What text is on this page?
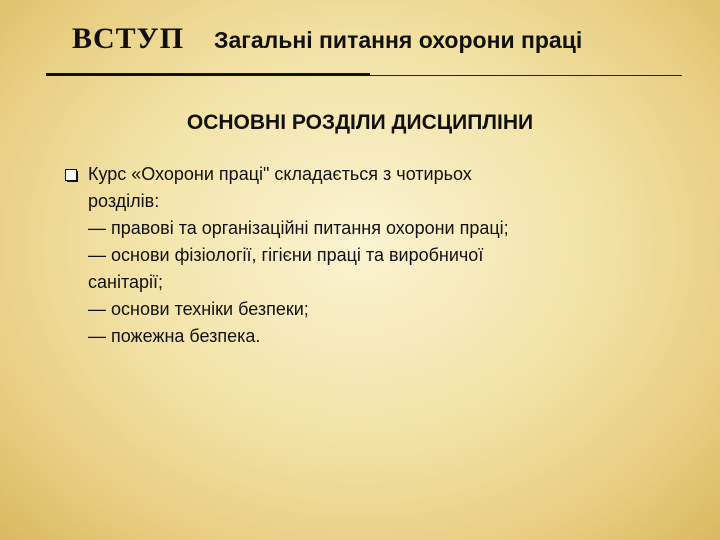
ВСТУП Загальні питання охорони праці
ОСНОВНІ РОЗДІЛИ ДИСЦИПЛІНИ
Курс «Охорони праці" складається з чотирьох
розділів:
— правові та організаційні питання охорони праці;
— основи фізіології, гігієни праці та виробничої
санітарії;
— основи техніки безпеки;
— пожежна безпека.
